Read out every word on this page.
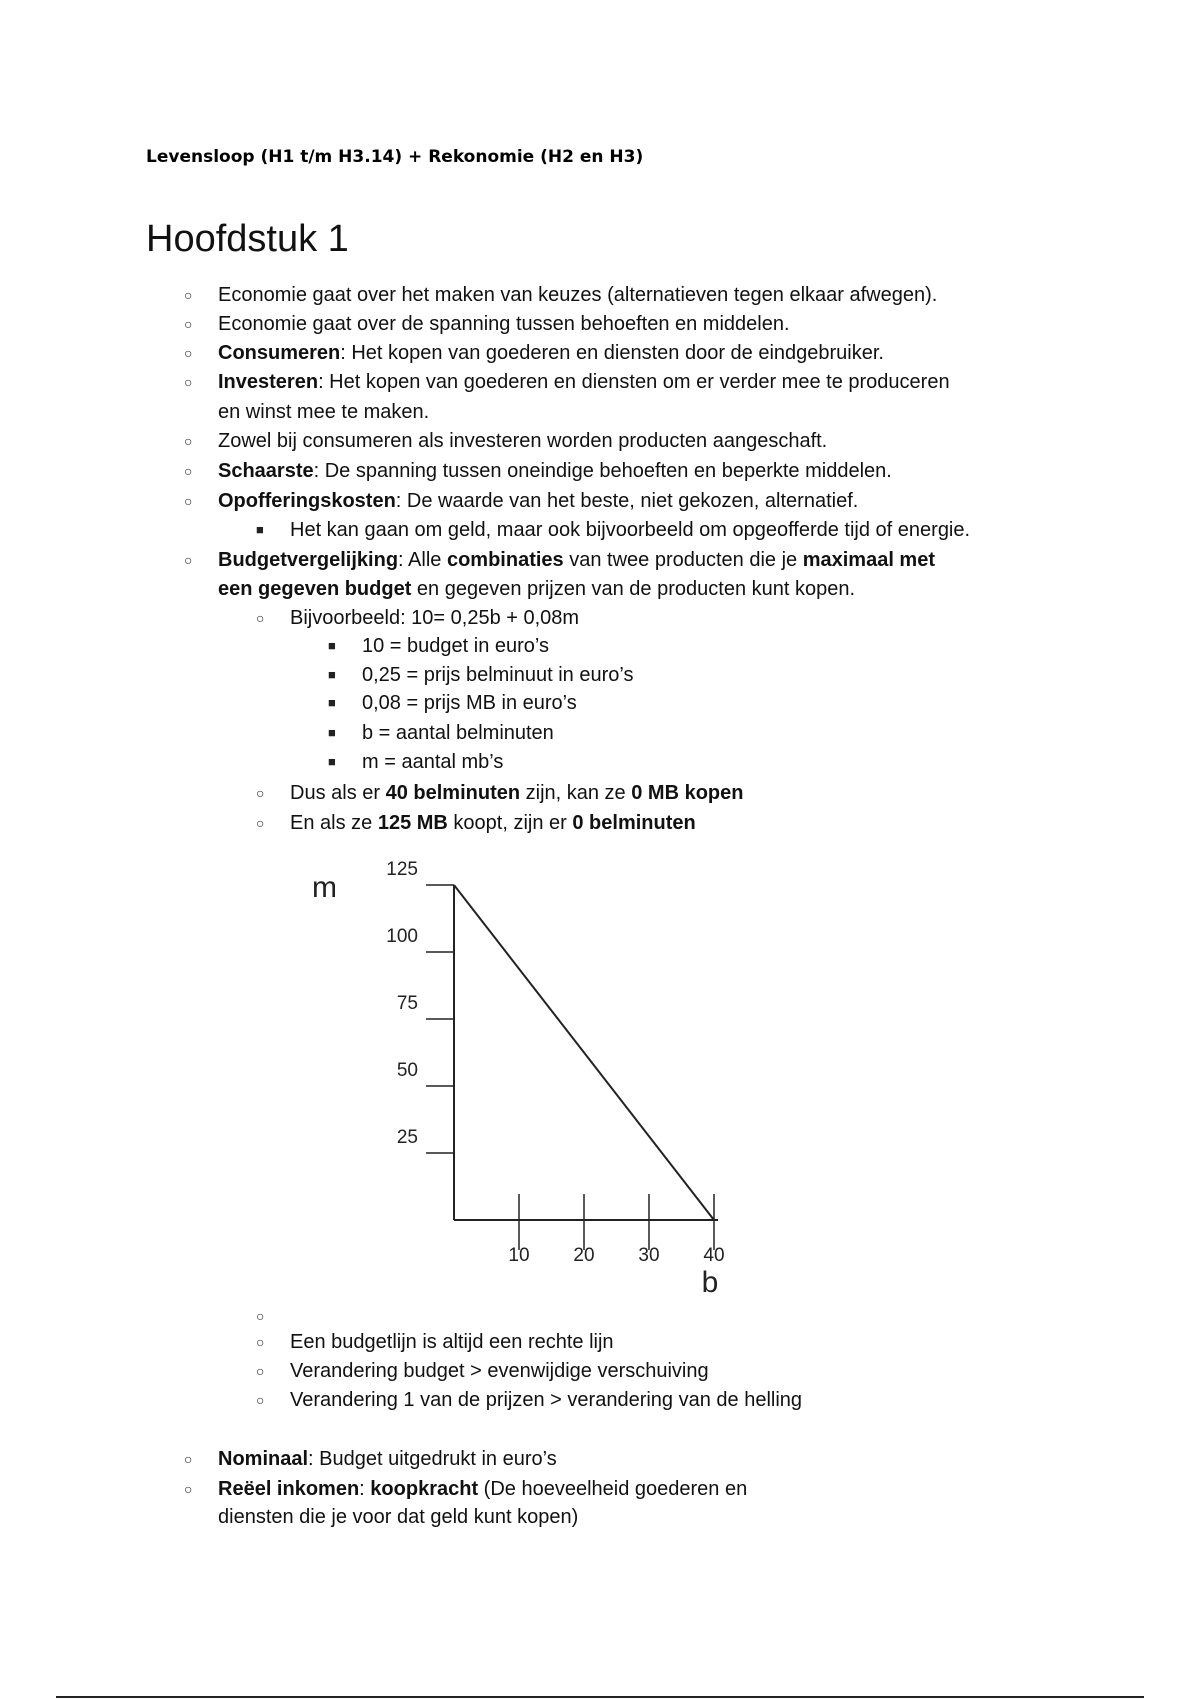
Levensloop (H1 t/m H3.14) + Rekonomie (H2 en H3)
Hoofdstuk 1
○ Economie gaat over het maken van keuzes (alternatieven tegen elkaar afwegen).
○ Economie gaat over de spanning tussen behoeften en middelen.
○ Consumeren: Het kopen van goederen en diensten door de eindgebruiker.
○ Investeren: Het kopen van goederen en diensten om er verder mee te produceren
en winst mee te maken.
○ Zowel bij consumeren als investeren worden producten aangeschaft.
○ Schaarste: De spanning tussen oneindige behoeften en beperkte middelen.
○ Opofferingskosten: De waarde van het beste, niet gekozen, alternatief.
■ Het kan gaan om geld, maar ook bijvoorbeeld om opgeofferde tijd of energie.
○ Budgetvergelijking: Alle combinaties van twee producten die je maximaal met
een gegeven budget en gegeven prijzen van de producten kunt kopen.
○ Bijvoorbeeld: 10= 0,25b + 0,08m
■ 10 = budget in euro’s
■ 0,25 = prijs belminuut in euro’s
■ 0,08 = prijs MB in euro’s
■ b = aantal belminuten
■ m = aantal mb’s
○ Dus als er 40 belminuten zijn, kan ze 0 MB kopen
○ En als ze 125 MB koopt, zijn er 0 belminuten
25
50
75
100
125
10 20 30 40
m
b
○
○ Een budgetlijn is altijd een rechte lijn
○ Verandering budget > evenwijdige verschuiving
○ Verandering 1 van de prijzen > verandering van de helling
○ Nominaal: Budget uitgedrukt in euro’s
○ Reëel inkomen: koopkracht (De hoeveelheid goederen en
diensten die je voor dat geld kunt kopen)
